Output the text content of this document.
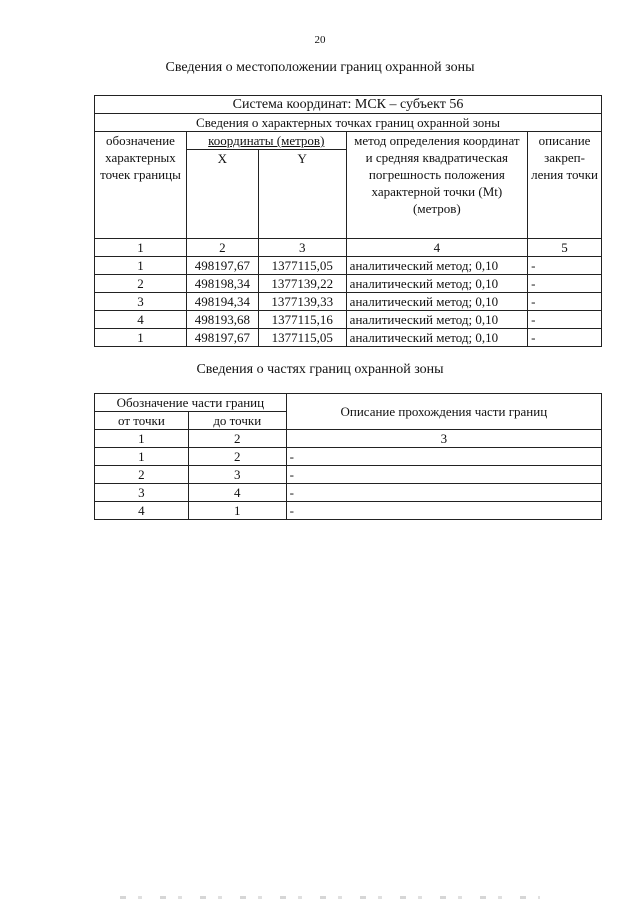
20
Сведения о местоположении границ охранной зоны
Система координат: МСК – субъект 56				
Сведения о характерных точках границ охранной зоны				
обозначение характерных точек границы	координаты (метров)		метод определения координат и средняя квадратическая погрешность положения характерной точки (Mt) (метров)	описание закреп-ления точки
	X	Y		
1	2	3	4	5
1	498197,67	1377115,05	аналитический метод; 0,10	-
2	498198,34	1377139,22	аналитический метод; 0,10	-
3	498194,34	1377139,33	аналитический метод; 0,10	-
4	498193,68	1377115,16	аналитический метод; 0,10	-
1	498197,67	1377115,05	аналитический метод; 0,10	-
Сведения о частях границ охранной зоны
Обозначение части границ		Описание прохождения части границ
от точки	до точки	
1	2	3
1	2	-
2	3	-
3	4	-
4	1	-
